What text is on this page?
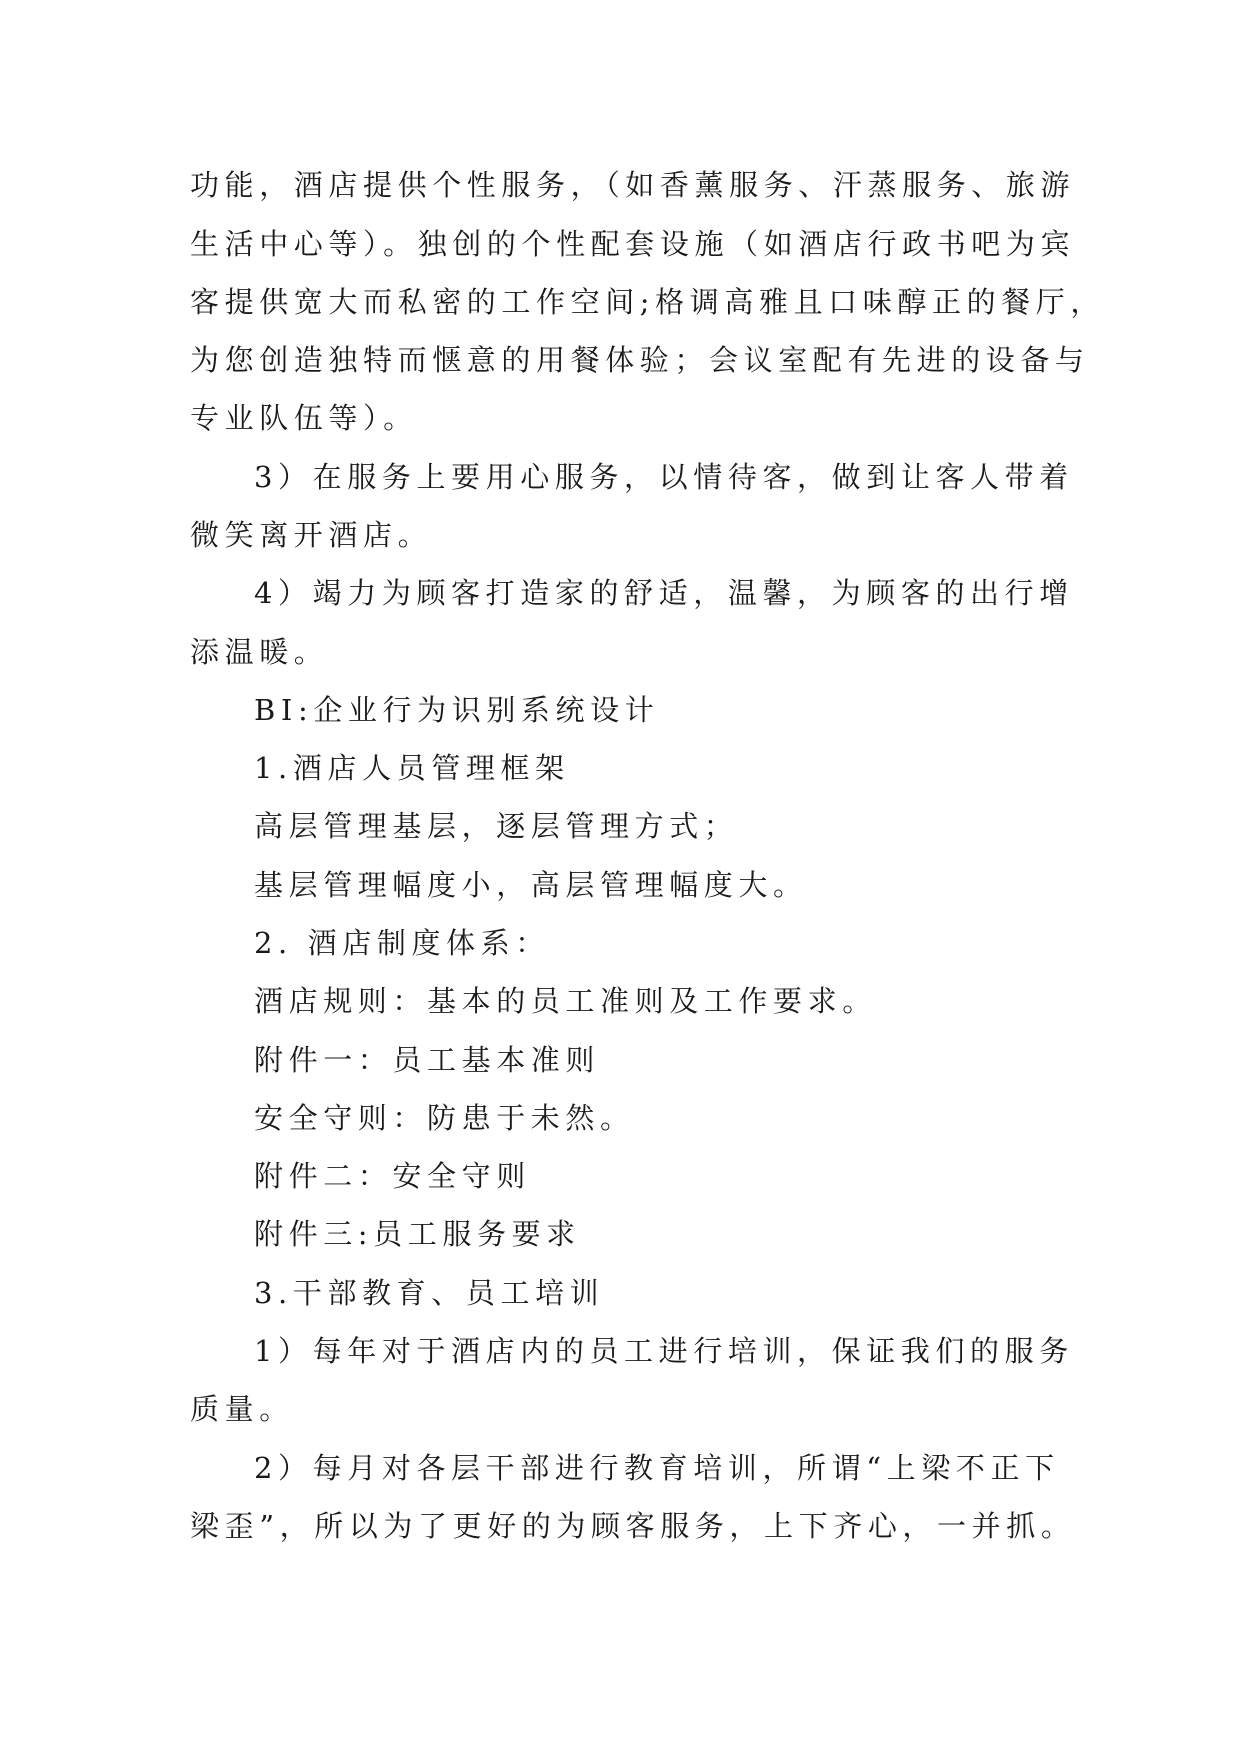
功能，酒店提供个性服务，（如香薰服务、汗蒸服务、旅游
生活中心等）。独创的个性配套设施（如酒店行政书吧为宾
客提供宽大而私密的工作空间;格调高雅且口味醇正的餐厅，
为您创造独特而惬意的用餐体验；会议室配有先进的设备与
专业队伍等）。
3）在服务上要用心服务，以情待客，做到让客人带着
微笑离开酒店。
4）竭力为顾客打造家的舒适，温馨，为顾客的出行增
添温暖。
BI:企业行为识别系统设计
1.酒店人员管理框架
高层管理基层，逐层管理方式；
基层管理幅度小，高层管理幅度大。
2. 酒店制度体系：
酒店规则：基本的员工准则及工作要求。
附件一：员工基本准则
安全守则：防患于未然。
附件二：安全守则
附件三:员工服务要求
3.干部教育、员工培训
1）每年对于酒店内的员工进行培训，保证我们的服务
质量。
2）每月对各层干部进行教育培训，所谓“上梁不正下
梁歪”，所以为了更好的为顾客服务，上下齐心，一并抓。
